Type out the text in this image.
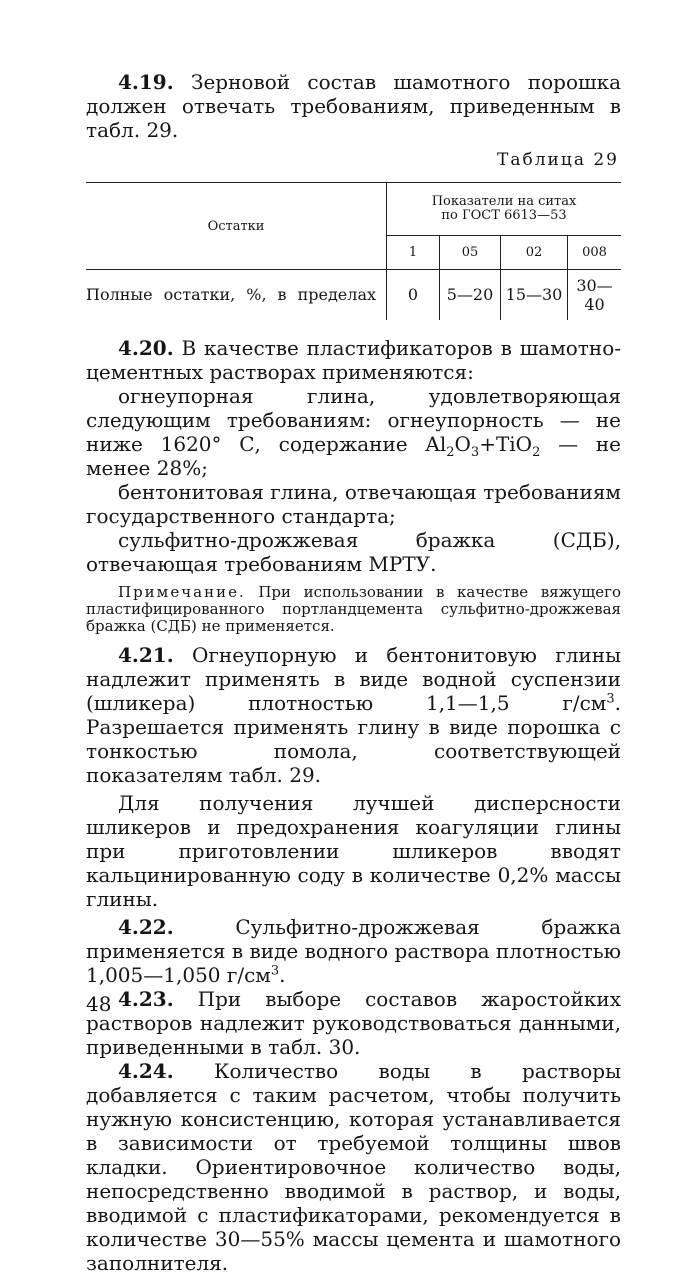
4.19. Зерновой состав шамотного порошка должен отвечать требованиям, приведенным в табл. 29.

Таблица 29
Остатки	Показатели на ситах по ГОСТ 6613—53			
	1	05	02	008
Полные остатки, %, в пределах	0	5—20	15—30	30—40

4.20. В качестве пластификаторов в шамотно-цементных растворах применяются:

огнеупорная глина, удовлетворяющая следующим требованиям: огнеупорность — не ниже 1620° С, содержание $Al_2O_3+TiO_2$ — не менее 28%;

бентонитовая глина, отвечающая требованиям государственного стандарта;

сульфитно-дрожжевая бражка (СДБ), отвечающая требованиям МРТУ.

Примечание. При использовании в качестве вяжущего пластифицированного портландцемента сульфитно-дрожжевая бражка (СДБ) не применяется.

4.21. Огнеупорную и бентонитовую глины надлежит применять в виде водной суспензии (шликера) плотностью 1,1—1,5 $г/см^3$. Разрешается применять глину в виде порошка с тонкостью помола, соответствующей показателям табл. 29.

Для получения лучшей дисперсности шликеров и предохранения коагуляции глины при приготовлении шликеров вводят кальцинированную соду в количестве 0,2% массы глины.

4.22.	Сульфитно-дрожжевая бражка применяется в виде водного раствора плотностью 1,005—1,050 $г/см^3$.

4.23. При выборе составов жаростойких растворов надлежит руководствоваться данными, приведенными в табл. 30.

4.24. Количество воды в растворы добавляется с таким расчетом, чтобы получить нужную консистенцию, которая устанавливается в зависимости от требуемой толщины швов кладки. Ориентировочное количество воды, непосредственно вводимой в раствор, и воды, вводимой с пластификаторами, рекомендуется в количестве 30—55% массы цемента и шамотного заполнителя.

48
